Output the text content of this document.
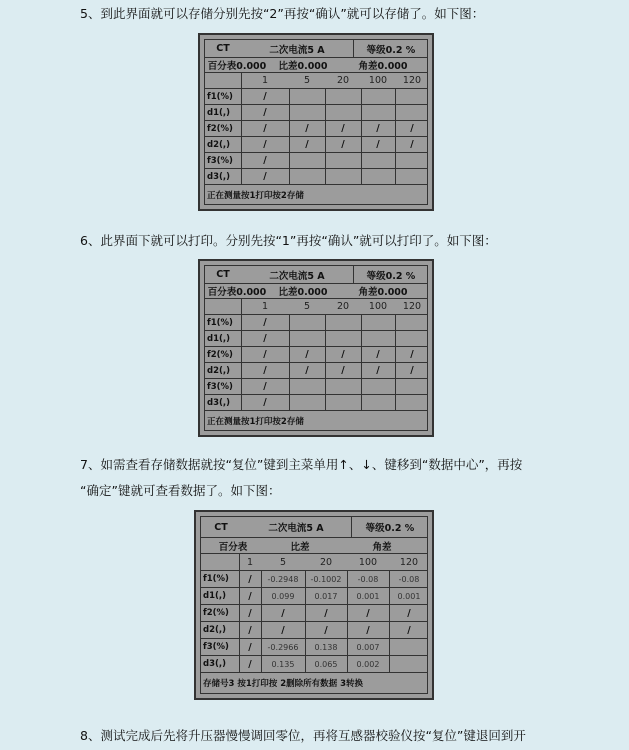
5、到此界面就可以存储分别先按“2”再按“确认”就可以存储了。如下图：
CT	二次电流5 A	等级0.2 %
百分表0.000	比差0.000	角差0.000
1	5	20	100	120
f1(%)	/
d1(,)	/
f2(%)	/	/	/	/	/
d2(,)	/	/	/	/	/
f3(%)	/
d3(,)	/
正在测量按1打印按2存储
6、此界面下就可以打印。分别先按“1”再按“确认”就可以打印了。如下图：
CT	二次电流5 A	等级0.2 %
百分表0.000	比差0.000	角差0.000
1	5	20	100	120
f1(%)	/
d1(,)	/
f2(%)	/	/	/	/	/
d2(,)	/	/	/	/	/
f3(%)	/
d3(,)	/
正在测量按1打印按2存储
7、如需查看存储数据就按“复位”键到主菜单用↑、↓、键移到“数据中心”，再按
“确定”键就可查看数据了。如下图：
CT	二次电流5 A	等级0.2 %
百分表	比差	角差
1	5	20	100	120
f1(%)	/	-0.2948	-0.1002	-0.08	-0.08
d1(,)	/	0.099	0.017	0.001	0.001
f2(%)	/	/	/	/	/
d2(,)	/	/	/	/	/
f3(%)	/	-0.2966	0.138	0.007
d3(,)	/	0.135	0.065	0.002
存储号3 按1打印按 2删除所有数据 3转换
8、测试完成后先将升压器慢慢调回零位，再将互感器校验仪按“复位”键退回到开
